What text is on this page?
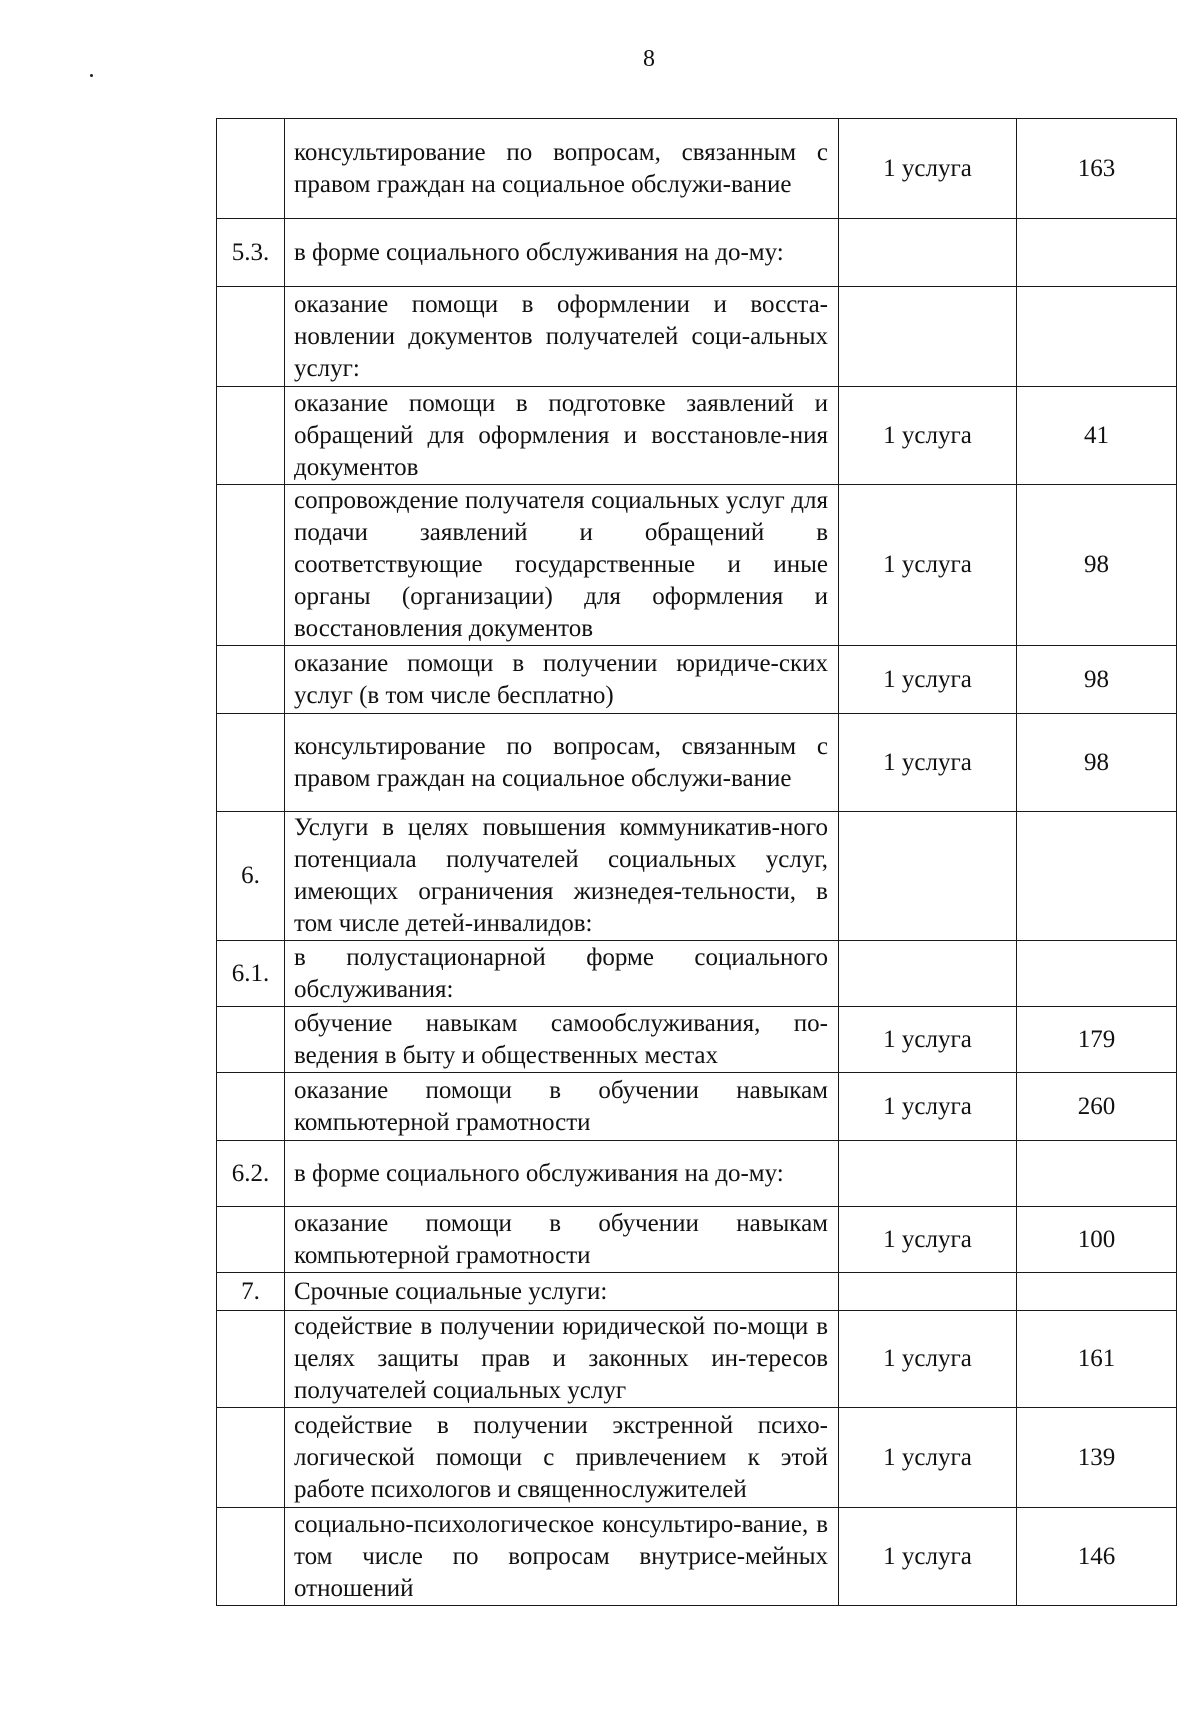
8
	консультирование по вопросам, связанным с правом граждан на социальное обслужи-вание	1 услуга	163
5.3.	в форме социального обслуживания на до-му:		
	оказание помощи в оформлении и восста-новлении документов получателей соци-альных услуг:		
	оказание помощи в подготовке заявлений и обращений для оформления и восстановле-ния документов	1 услуга	41
	сопровождение получателя социальных услуг для подачи заявлений и обращений в соответствующие государственные и иные органы (организации) для оформления и восстановления документов	1 услуга	98
	оказание помощи в получении юридиче-ских услуг (в том числе бесплатно)	1 услуга	98
	консультирование по вопросам, связанным с правом граждан на социальное обслужи-вание	1 услуга	98
6.	Услуги в целях повышения коммуникатив-ного потенциала получателей социальных услуг, имеющих ограничения жизнедея-тельности, в том числе детей-инвалидов:		
6.1.	в полустационарной форме социального обслуживания:		
	обучение навыкам самообслуживания, по-ведения в быту и общественных местах	1 услуга	179
	оказание помощи в обучении навыкам компьютерной грамотности	1 услуга	260
6.2.	в форме социального обслуживания на до-му:		
	оказание помощи в обучении навыкам компьютерной грамотности	1 услуга	100
7.	Срочные социальные услуги:		
	содействие в получении юридической по-мощи в целях защиты прав и законных ин-тересов получателей социальных услуг	1 услуга	161
	содействие в получении экстренной психо-логической помощи с привлечением к этой работе психологов и священнослужителей	1 услуга	139
	социально-психологическое консультиро-вание, в том числе по вопросам внутрисе-мейных отношений	1 услуга	146
